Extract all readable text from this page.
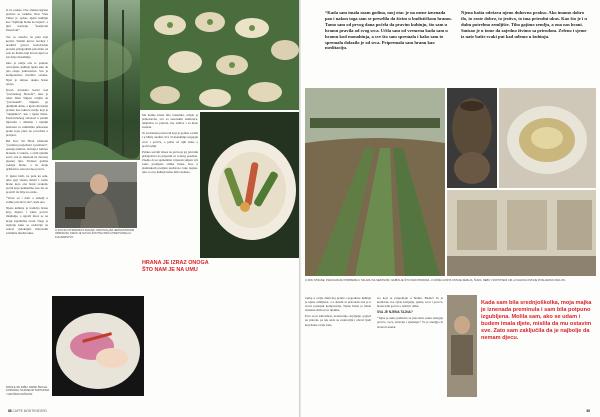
Iz tri prakse. Ove elektrovagrene pećnice se raskrile. New York Times je opisao njenu kuhinju kao “najfiniju hranu na svijetu”, a njui nazivaju “kraljicom filozofom”.

Sve se zasniva na jedu koji koristi. Slamni kuvar, novinar i urednici gotovo hodočasćen proteže prilagodnim putovima od sela do hrama koji Kwan djevi sa još dvije monahinje.

Iako je ranije ona te pomalo ozravljena, kuhinja njena tako da jela ostaje jednostavna. Sve je komponirano moćima ostatka. Njen je smisao okuka hrane nacija.

Kwan dovenela korist nad “previsokog filozofa”; tako je reklo blizu Sinjere cenjim da “previsokih”. Smjenu ga djetiljnih dobio, a njena shvatanja prelaze kao lakteće nečije koji je “sinjehnica”, kao i njena hrana. Poznavilačkog obrazovi u punim mjerama i slikama i njenim žuboreni sa zamislima prikazane preko koja pleta na povrcima u proljeće.

Bel Kav Sit Hvan učiterani “predani posvjednici i predlošci”, pazenje kulture, istvnaje i kulture hranom. U unutra, a svim njenim sreći, ona se izkazom na čuvenoj plesnoj tipu. Trideset godina rođenja hrane, a na kraju prilikom u osnovni deo povrća.

U njenu bašti, na putu ka selu, uma gaji vlasnu sklebi i razno hrane koja ona hrani svakom, povrh koja sjemenima, kao što su prestići ila bilje za ostale.

“Vruće su i dobr o temelji u velike pravde iz sna”, kaže ona.

Njena kuhinja je tradicija hrane koja mjesta i sama povrće imahunje, a ugradi mora se na kraju zajednička tacan. Nego je najbolje kako se ozdraviju na osnovi cjelokupni. Osnovnim začinima mrežni ukus.

U SVOJOJ STRANSKOJ KUHINJI, ZADOVOLJNA JEDNOSTAVNIM OBROKOM, KWAN JE SVOJU ŽIVOTNU PRIČU PRETVORILA U KULINARSTVO

Ma koliko hrana bila raznolika, uvijek je jednostavna, sva sa sezonskih namirnica, isključivo iz prirode, bez aditiva i sa malo zaslada.

To su mamen proizvodi koji je godina u bašti i u bližoj okolini. Sve tri monahinje uzgajaju voće i povrće, a jedna od njih brine o proizvodnji.

Polako sasvim izlaze na put koja joj jelovnik prilagođava da pripremi za svakog posebno. Znamo da se sjemenima i njenom smjeru vrti samo promjena oblika hrane. Kao u planinskom predjelu predstave. Iako lagano, tako u ovoj kuhinji nema ništa složeno.

HRANA JE IZRAZ ONOGA ŠTO NAM JE NA UMU
RISOLE OD RIŽE I SIRNE ŠNICLE, KOROMAC SA BIJELIM TARTUFIMA I GRUŠKIM ZAČINOM
88 CAFFE MONTENEGRO
“Kada sam imala osam godina, moj otac je na mene iznenada pao i nakon toga sam se preselila da živim u budističkom hramu. Tamo sam od prvog dana počela da pravim kuhinju, što sam u hramu pravila od svog srca. Učila sam od vremena kada sam u hramu kod monahinja, a sve što sam spremala i kako sam to spremala dolazilo je od srca. Pripremala sam hranu kao meditaciju.
Njena bašta održava njeno duhovno prakso. Ako imamo dobro tlo, to raste dobro, to jestivo, to ima prirodni ukus. Kao što je i u duhu potrebno zemljište. Tiho gajimo zemlju, a ona nas hrani. Smisao je u tome da zajedno živimo sa prirodom. Zeleno i sjeme iz naše bašte svaki put kad uđemo u kuhinju.
U DNU STRANE, KWAN HRANU PRIPREMA U SKLADU SA SEZONOM, NAJBOLJE ŠTO NUDI PRIRODA. U OČIMA GOSTA OSTAJE ZEMLJA, ŠUMA, NEBO I SOPSTVENI UM, A KUHINJA OSTAJE POSLJEDNJI ZAKLON.

samoj u ovdje dušovnoj praksi i pogodnost kuhinje je njena ozbiljnost, a u skladu sa prirodom ona je u stvari postupak kompozicija. Njena hrana je imala izuzetnu sličnost sa ljudima.

Prvo su tu zahvalnost, uvažavanje, strpljenje, pogled na prirodu, pa tek onda su zadovoljni i zdravi ljudi koji hrane ovdje sada.

sto koji se pripremaju u hramu. Budući da je korišćeno sve cijelo korijenje, sjeme, voće i povrće, hrana nam govori o zemlji i duhu.

SVA JE NJENA TAJNA?

“Tajna je samo jedinstvo sa prirodom, preko energije povrća, voća, zrnevlja i sjemenja.” To je energija ni izvan ni unutar.

Kada sam bila srednjoškolka, moja majka je iznenada preminula i sam bila potpuno izgubljena. Molila sam, ako se udam i budem imala djete, mislila da mu ostavim sve. Zato sam zaključila da je najbolje da nemam djecu.
89
